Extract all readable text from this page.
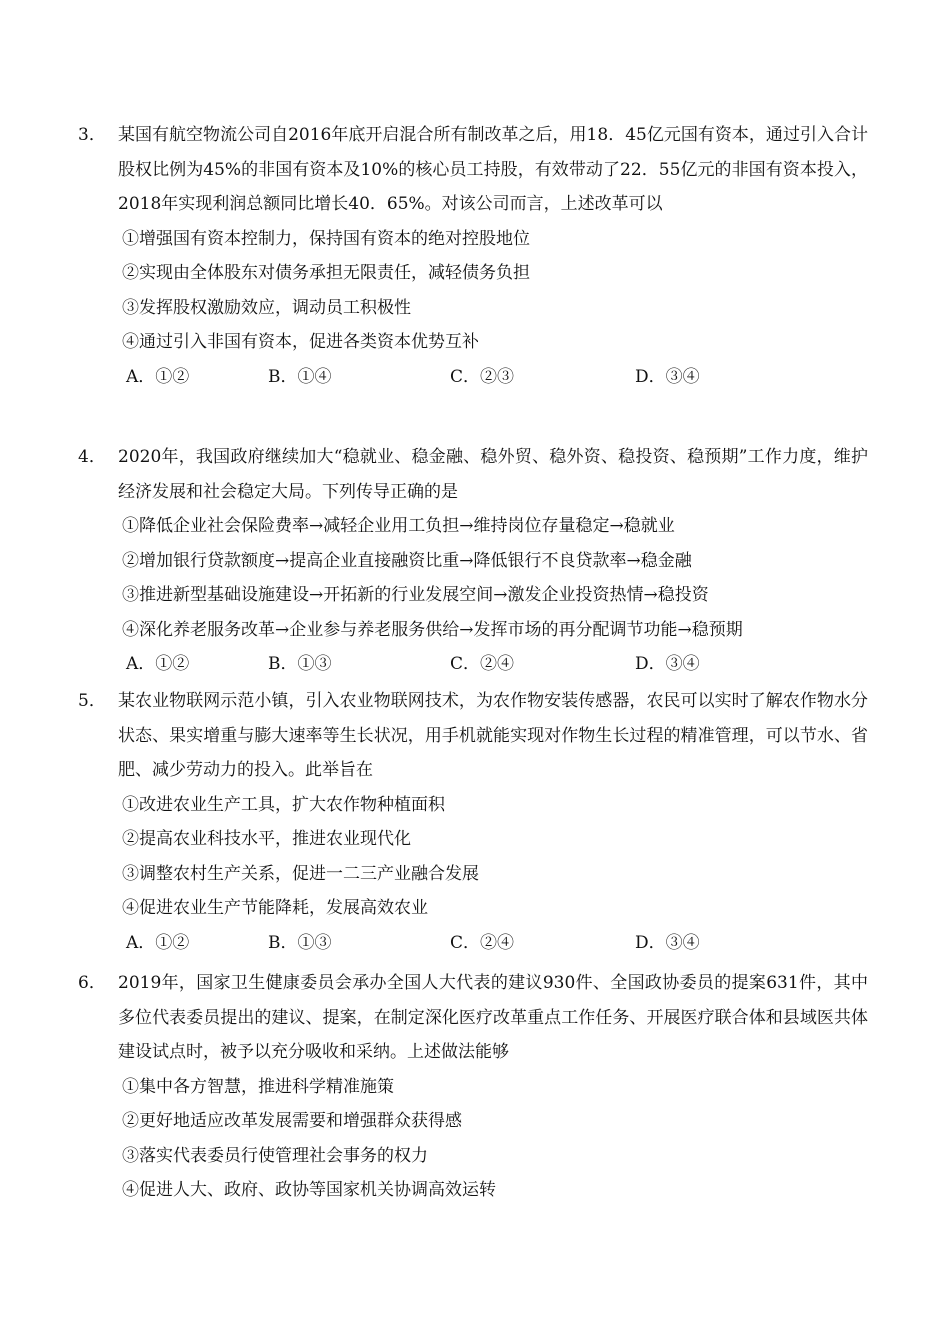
3． 某国有航空物流公司自2016年底开启混合所有制改革之后，用18．45亿元国有资本，通过引入合计股权比例为45%的非国有资本及10%的核心员工持股，有效带动了22．55亿元的非国有资本投入，2018年实现利润总额同比增长40．65%。对该公司而言，上述改革可以
①增强国有资本控制力，保持国有资本的绝对控股地位
②实现由全体股东对债务承担无限责任，减轻债务负担
③发挥股权激励效应，调动员工积极性
④通过引入非国有资本，促进各类资本优势互补
A．①②	B．①④	C．②③	D．③④
4． 2020年，我国政府继续加大“稳就业、稳金融、稳外贸、稳外资、稳投资、稳预期”工作力度，维护经济发展和社会稳定大局。下列传导正确的是
①降低企业社会保险费率→减轻企业用工负担→维持岗位存量稳定→稳就业
②增加银行贷款额度→提高企业直接融资比重→降低银行不良贷款率→稳金融
③推进新型基础设施建设→开拓新的行业发展空间→激发企业投资热情→稳投资
④深化养老服务改革→企业参与养老服务供给→发挥市场的再分配调节功能→稳预期
A．①②	B．①③	C．②④	D．③④
5． 某农业物联网示范小镇，引入农业物联网技术，为农作物安装传感器，农民可以实时了解农作物水分状态、果实增重与膨大速率等生长状况，用手机就能实现对作物生长过程的精准管理，可以节水、省肥、减少劳动力的投入。此举旨在
①改进农业生产工具，扩大农作物种植面积
②提高农业科技水平，推进农业现代化
③调整农村生产关系，促进一二三产业融合发展
④促进农业生产节能降耗，发展高效农业
A．①②	B．①③	C．②④	D．③④
6． 2019年，国家卫生健康委员会承办全国人大代表的建议930件、全国政协委员的提案631件，其中多位代表委员提出的建议、提案，在制定深化医疗改革重点工作任务、开展医疗联合体和县域医共体建设试点时，被予以充分吸收和采纳。上述做法能够
①集中各方智慧，推进科学精准施策
②更好地适应改革发展需要和增强群众获得感
③落实代表委员行使管理社会事务的权力
④促进人大、政府、政协等国家机关协调高效运转
